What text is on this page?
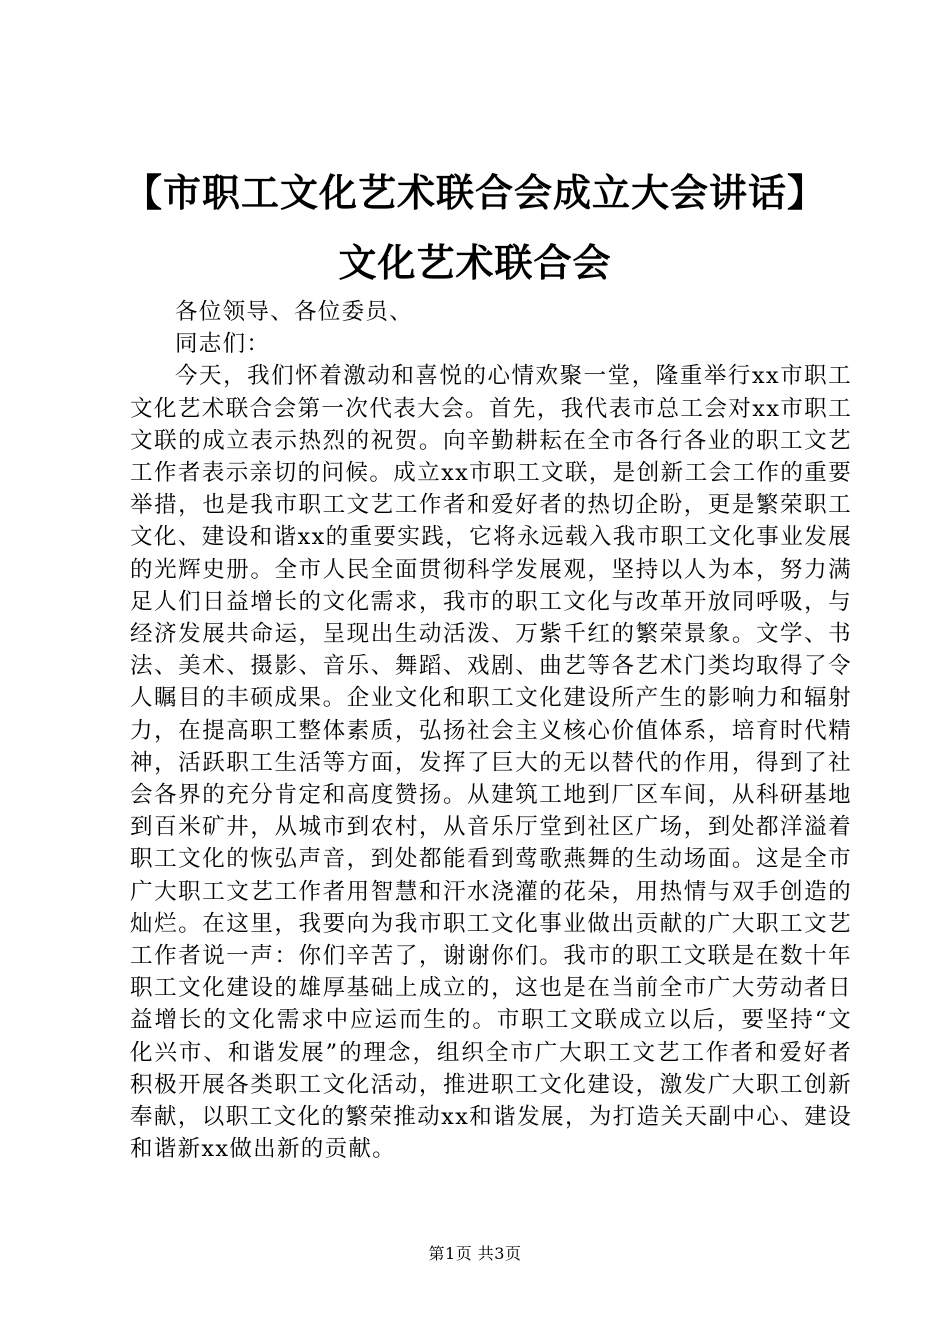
【市职工文化艺术联合会成立大会讲话】文化艺术联合会

各位领导、各位委员、

同志们：

今天，我们怀着激动和喜悦的心情欢聚一堂，隆重举行xx市职工文化艺术联合会第一次代表大会。首先，我代表市总工会对xx市职工文联的成立表示热烈的祝贺。向辛勤耕耘在全市各行各业的职工文艺工作者表示亲切的问候。成立xx市职工文联，是创新工会工作的重要举措，也是我市职工文艺工作者和爱好者的热切企盼，更是繁荣职工文化、建设和谐xx的重要实践，它将永远载入我市职工文化事业发展的光辉史册。全市人民全面贯彻科学发展观，坚持以人为本，努力满足人们日益增长的文化需求，我市的职工文化与改革开放同呼吸，与经济发展共命运，呈现出生动活泼、万紫千红的繁荣景象。文学、书法、美术、摄影、音乐、舞蹈、戏剧、曲艺等各艺术门类均取得了令人瞩目的丰硕成果。企业文化和职工文化建设所产生的影响力和辐射力，在提高职工整体素质，弘扬社会主义核心价值体系，培育时代精神，活跃职工生活等方面，发挥了巨大的无以替代的作用，得到了社会各界的充分肯定和高度赞扬。从建筑工地到厂区车间，从科研基地到百米矿井，从城市到农村，从音乐厅堂到社区广场，到处都洋溢着职工文化的恢弘声音，到处都能看到莺歌燕舞的生动场面。这是全市广大职工文艺工作者用智慧和汗水浇灌的花朵，用热情与双手创造的灿烂。在这里，我要向为我市职工文化事业做出贡献的广大职工文艺工作者说一声：你们辛苦了，谢谢你们。我市的职工文联是在数十年职工文化建设的雄厚基础上成立的，这也是在当前全市广大劳动者日益增长的文化需求中应运而生的。市职工文联成立以后，要坚持“文化兴市、和谐发展”的理念，组织全市广大职工文艺工作者和爱好者积极开展各类职工文化活动，推进职工文化建设，激发广大职工创新奉献，以职工文化的繁荣推动xx和谐发展，为打造关天副中心、建设和谐新xx做出新的贡献。

第1页 共3页
